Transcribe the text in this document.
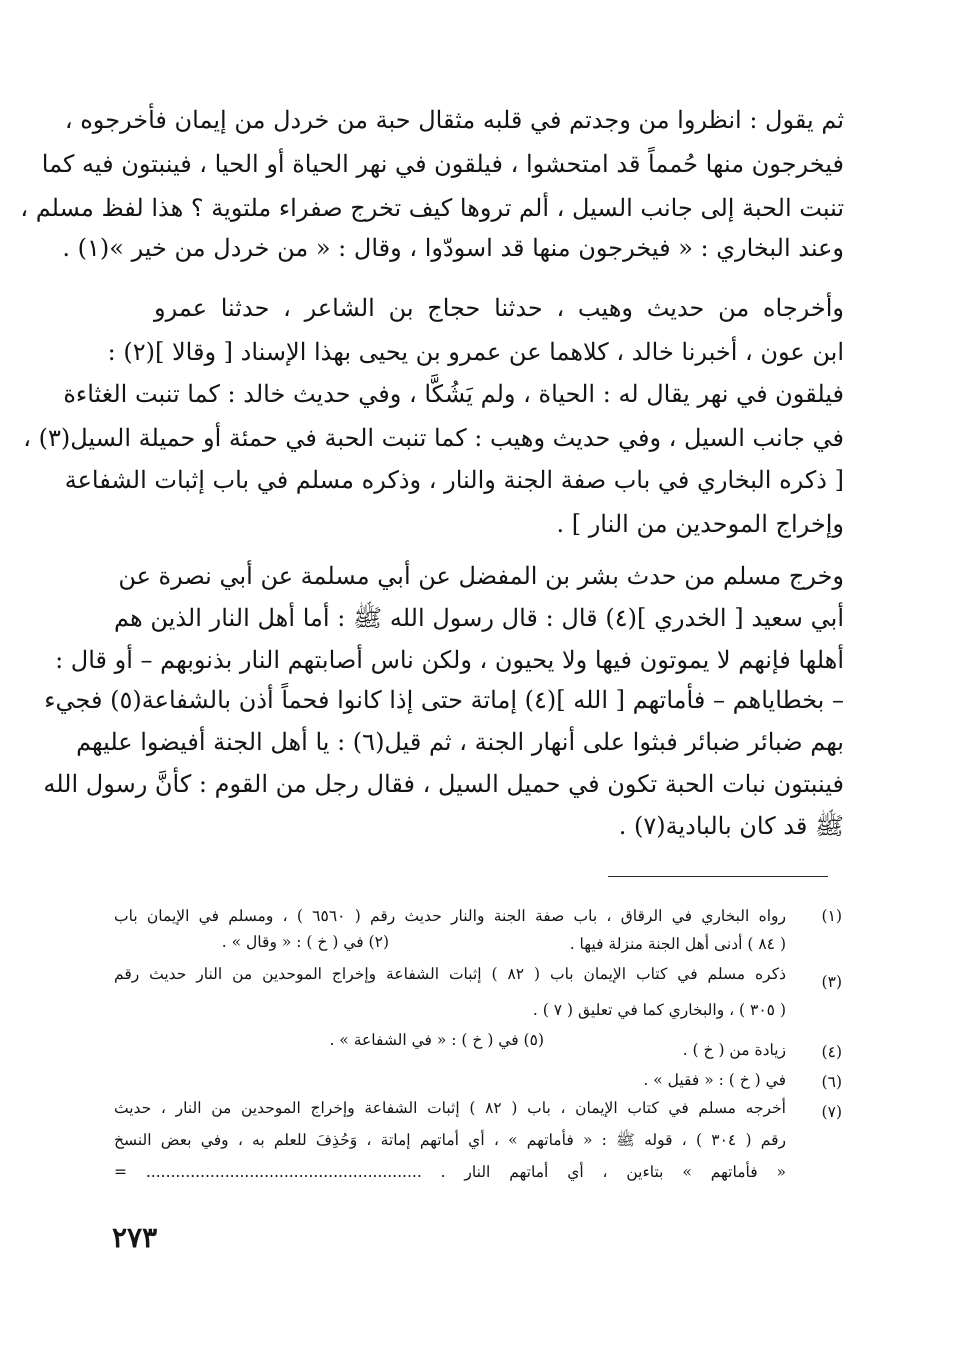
ثم يقول : انظروا من وجدتم في قلبه مثقال حبة من خردل من إيمان فأخرجوه ،
فيخرجون منها حُمماً قد امتحشوا ، فيلقون في نهر الحياة أو الحيا ، فينبتون فيه كما
تنبت الحبة إلى جانب السيل ، ألم تروها كيف تخرج صفراء ملتوية ؟ هذا لفظ مسلم ،
وعند البخاري : « فيخرجون منها قد اسودّوا ، وقال : « من خردل من خير »(١) .
وأخرجاه من حديث وهيب ، حدثنا حجاج بن الشاعر ، حدثنا عمرو
ابن عون ، أخبرنا خالد ، كلاهما عن عمرو بن يحيى بهذا الإسناد [ وقالا ](٢) :
فيلقون في نهر يقال له : الحياة ، ولم يَشُكَّا ، وفي حديث خالد : كما تنبت الغثاءة
في جانب السيل ، وفي حديث وهيب : كما تنبت الحبة في حمئة أو حميلة السيل(٣) ،
[ ذكره البخاري في باب صفة الجنة والنار ، وذكره مسلم في باب إثبات الشفاعة
وإخراج الموحدين من النار ] .
وخرج مسلم من حدث بشر بن المفضل عن أبي مسلمة عن أبي نصرة عن
أبي سعيد [ الخدري ](٤) قال : قال رسول الله ﷺ : أما أهل النار الذين هم
أهلها فإنهم لا يموتون فيها ولا يحيون ، ولكن ناس أصابتهم النار بذنوبهم – أو قال :
– بخطاياهم – فأماتهم [ الله ](٤) إماتة حتى إذا كانوا فحماً أذن بالشفاعة(٥) فجيء
بهم ضبائر ضبائر فبثوا على أنهار الجنة ، ثم قيل(٦) : يا أهل الجنة أفيضوا عليهم
فينبتون نبات الحبة تكون في حميل السيل ، فقال رجل من القوم : كأنَّ رسول الله
ﷺ قد كان بالبادية(٧) .
(١)
رواه البخاري في الرقاق ، باب صفة الجنة والنار حديث رقم ( ٦٥٦٠ ) ، ومسلم في الإيمان باب
( ٨٤ ) أدنى أهل الجنة منزلة فيها .
(٢) في ( خ ) : « وقال » .
(٣)
ذكره مسلم في كتاب الإيمان باب ( ٨٢ ) إثبات الشفاعة وإخراج الموحدين من النار حديث رقم
( ٣٠٥ ) ، والبخاري كما في تعليق ( ٧ ) .
(٤)
زيادة من ( خ ) .
(٥) في ( خ ) : « في الشفاعة » .
(٦)
في ( خ ) : « فقيل » .
(٧)
أخرجه مسلم في كتاب الإيمان ، باب ( ٨٢ ) إثبات الشفاعة وإخراج الموحدين من النار ، حديث
رقم ( ٣٠٤ ) ، قوله ﷺ : « فأماتهم » ، أي أماتهم إماتة ، وَحُذِفَ للعلم به ، وفي بعض النسخ
« فأماتهم » بتاءين ، أي أماتهم النار . ........................................................ =
٢٧٣
